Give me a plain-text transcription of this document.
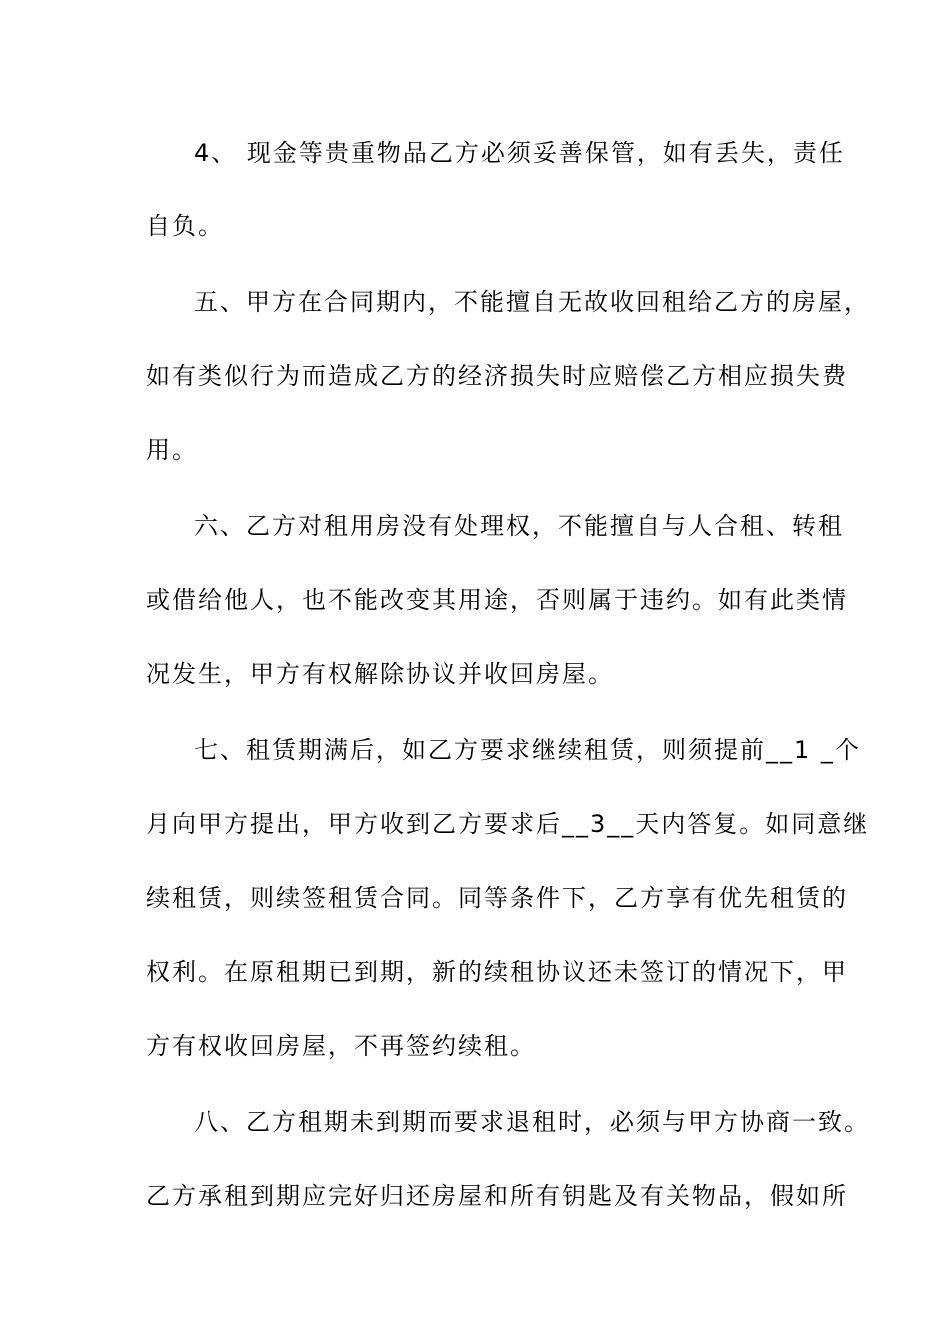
4、 现金等贵重物品乙方必须妥善保管，如有丢失，责任
自负。
五、甲方在合同期内，不能擅自无故收回租给乙方的房屋，
如有类似行为而造成乙方的经济损失时应赔偿乙方相应损失费
用。
六、乙方对租用房没有处理权，不能擅自与人合租、转租
或借给他人，也不能改变其用途，否则属于违约。如有此类情
况发生，甲方有权解除协议并收回房屋。
七、租赁期满后，如乙方要求继续租赁，则须提前__1 _个
月向甲方提出，甲方收到乙方要求后__3__天内答复。如同意继
续租赁，则续签租赁合同。同等条件下，乙方享有优先租赁的
权利。在原租期已到期，新的续租协议还未签订的情况下，甲
方有权收回房屋，不再签约续租。
八、乙方租期未到期而要求退租时，必须与甲方协商一致。
乙方承租到期应完好归还房屋和所有钥匙及有关物品，假如所
